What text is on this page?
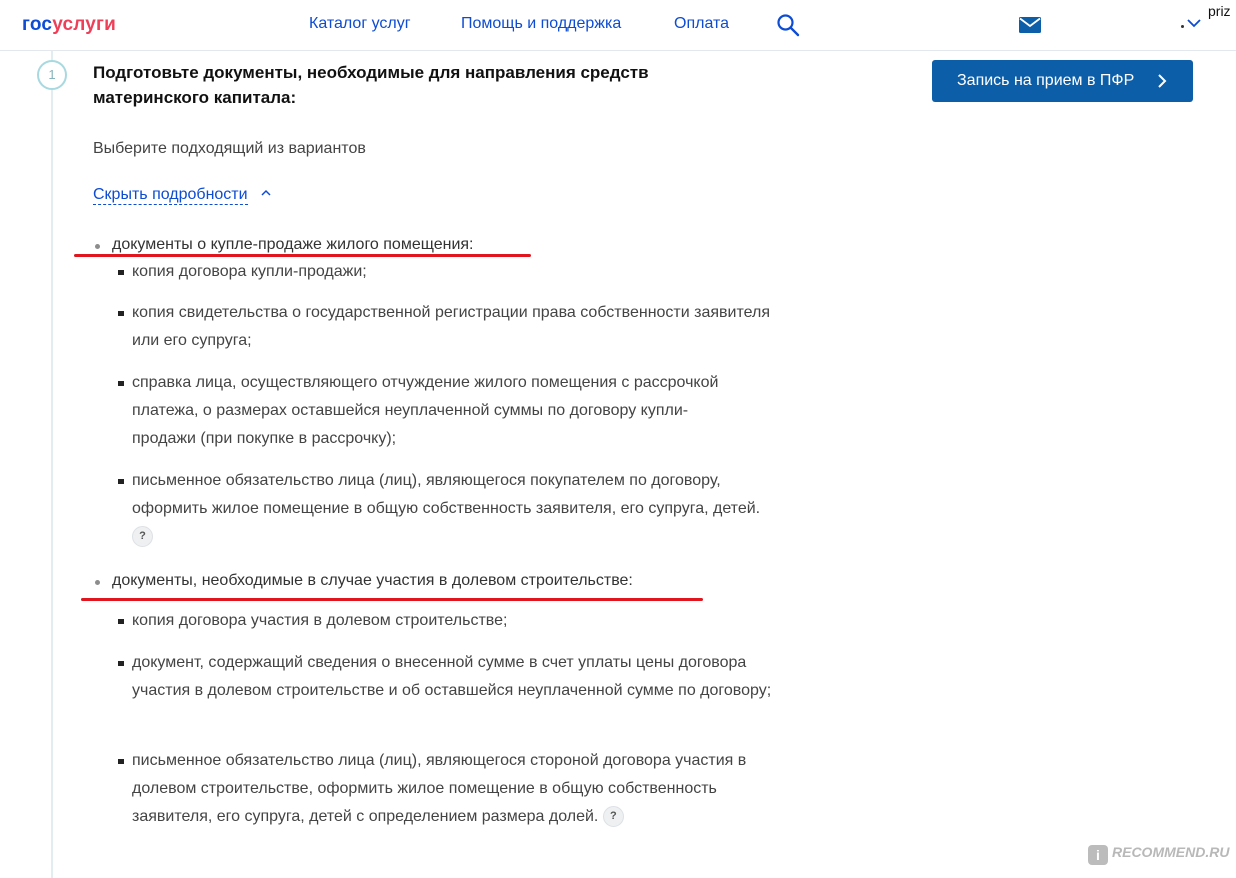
госуслуги	Каталог услуг	Помощь и поддержка	Оплата
priz
1	Подготовьте документы, необходимые для направления средств материнского капитала:
Запись на прием в ПФР
Выберите подходящий из вариантов
Скрыть подробности
документы о купле-продаже жилого помещения:
копия договора купли-продажи;
копия свидетельства о государственной регистрации права собственности заявителя или его супруга;
справка лица, осуществляющего отчуждение жилого помещения с рассрочкой платежа, о размерах оставшейся неуплаченной суммы по договору купли-продажи (при покупке в рассрочку);
письменное обязательство лица (лиц), являющегося покупателем по договору, оформить жилое помещение в общую собственность заявителя, его супруга, детей. ?
документы, необходимые в случае участия в долевом строительстве:
копия договора участия в долевом строительстве;
документ, содержащий сведения о внесенной сумме в счет уплаты цены договора участия в долевом строительстве и об оставшейся неуплаченной сумме по договору;
письменное обязательство лица (лиц), являющегося стороной договора участия в долевом строительстве, оформить жилое помещение в общую собственность заявителя, его супруга, детей с определением размера долей. ?
i RECOMMEND.RU
